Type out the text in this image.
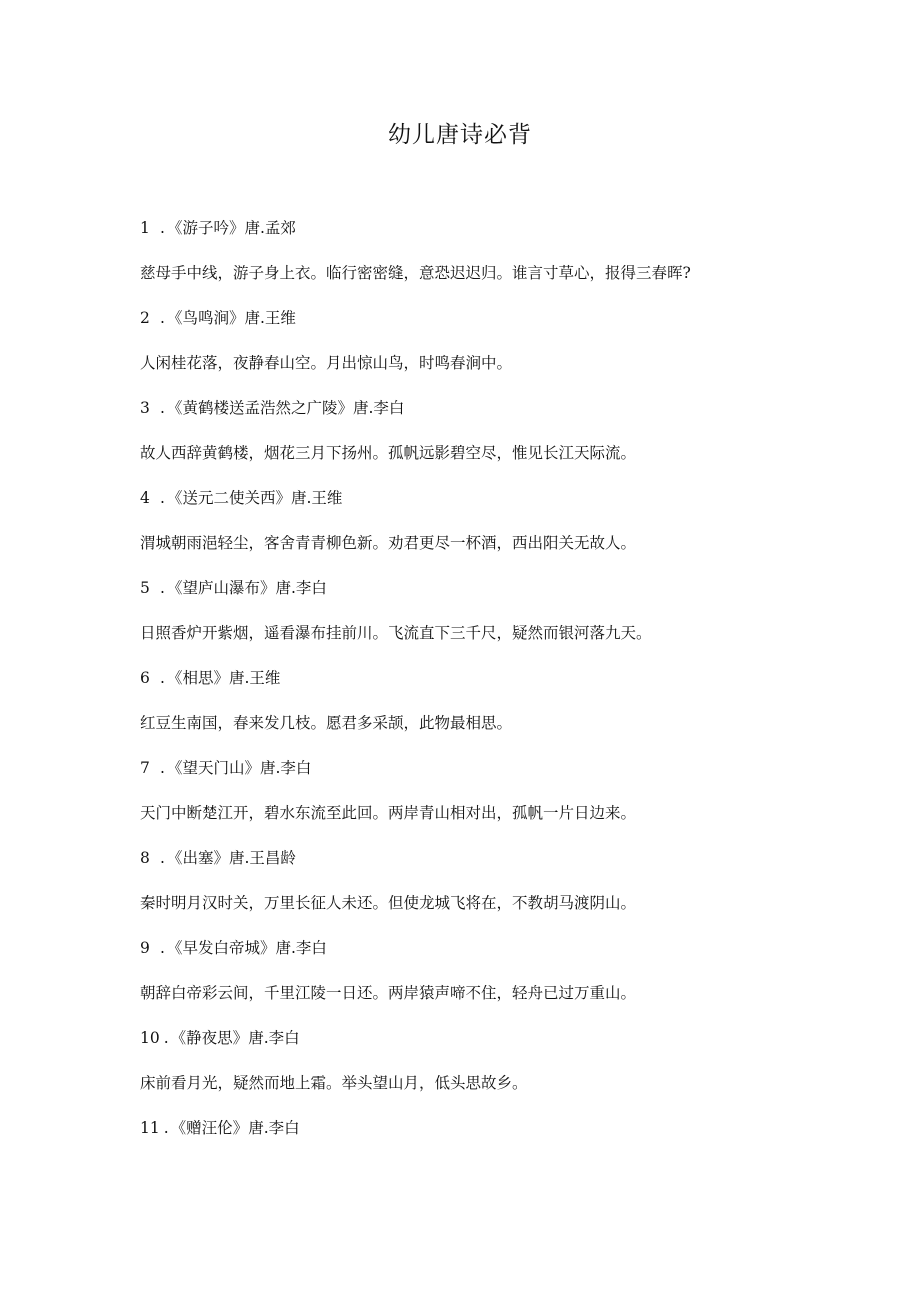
幼儿唐诗必背
1 . 《游子吟》唐.孟郊
慈母手中线，游子身上衣。临行密密缝，意恐迟迟归。谁言寸草心，报得三春晖?
2 . 《鸟鸣涧》唐.王维
人闲桂花落，夜静春山空。月出惊山鸟，时鸣春涧中。
3 . 《黄鹤楼送孟浩然之广陵》唐.李白
故人西辞黄鹤楼，烟花三月下扬州。孤帆远影碧空尽，惟见长江天际流。
4 . 《送元二使关西》唐.王维
渭城朝雨浥轻尘，客舍青青柳色新。劝君更尽一杯酒，西出阳关无故人。
5 . 《望庐山瀑布》唐.李白
日照香炉开紫烟，遥看瀑布挂前川。飞流直下三千尺，疑然而银河落九天。
6 . 《相思》唐.王维
红豆生南国，春来发几枝。愿君多采颉，此物最相思。
7 . 《望天门山》唐.李白
天门中断楚江开，碧水东流至此回。两岸青山相对出，孤帆一片日边来。
8 . 《出塞》唐.王昌龄
秦时明月汉时关，万里长征人未还。但使龙城飞将在，不教胡马渡阴山。
9 . 《早发白帝城》唐.李白
朝辞白帝彩云间，千里江陵一日还。两岸猿声啼不住，轻舟已过万重山。
10 . 《静夜思》唐.李白
床前看月光，疑然而地上霜。举头望山月，低头思故乡。
11 . 《赠汪伦》唐.李白
